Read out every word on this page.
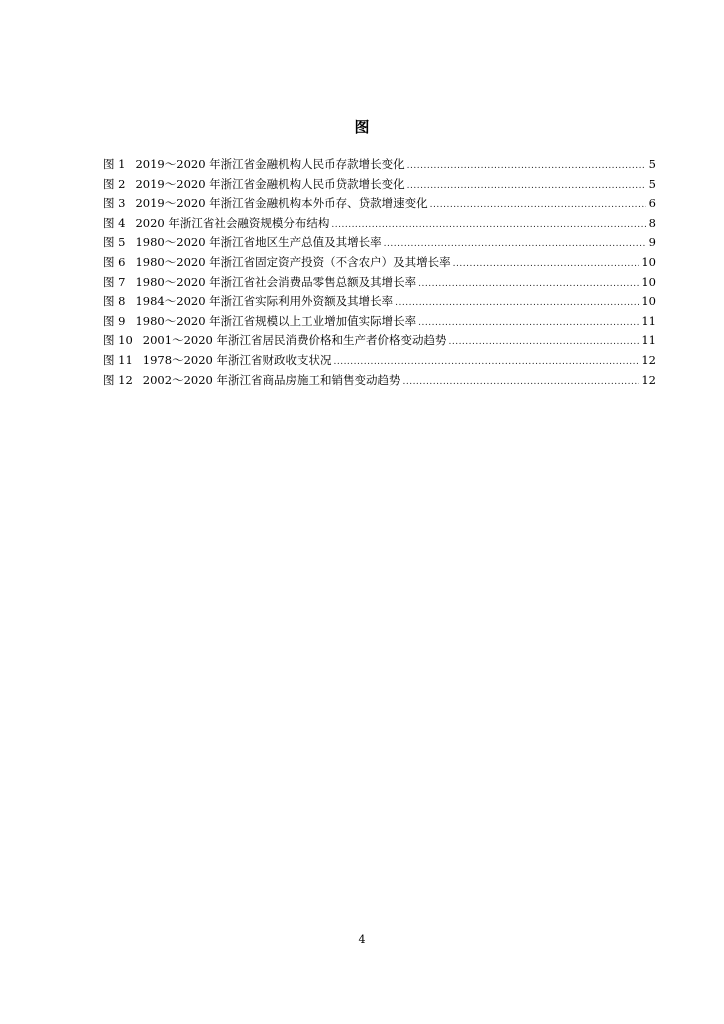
图
图 1 2019～2020 年浙江省金融机构人民币存款增长变化 .....	5
图 2 2019～2020 年浙江省金融机构人民币贷款增长变化 .....	5
图 3 2019～2020 年浙江省金融机构本外币存、贷款增速变化 .....	6
图 4 2020 年浙江省社会融资规模分布结构 .....	8
图 5 1980～2020 年浙江省地区生产总值及其增长率 .....	9
图 6 1980～2020 年浙江省固定资产投资（不含农户）及其增长率 .....	10
图 7 1980～2020 年浙江省社会消费品零售总额及其增长率 .....	10
图 8 1984～2020 年浙江省实际利用外资额及其增长率 .....	10
图 9 1980～2020 年浙江省规模以上工业增加值实际增长率 .....	11
图 10 2001～2020 年浙江省居民消费价格和生产者价格变动趋势 .....	11
图 11 1978～2020 年浙江省财政收支状况 .....	12
图 12 2002～2020 年浙江省商品房施工和销售变动趋势 .....	12
4
